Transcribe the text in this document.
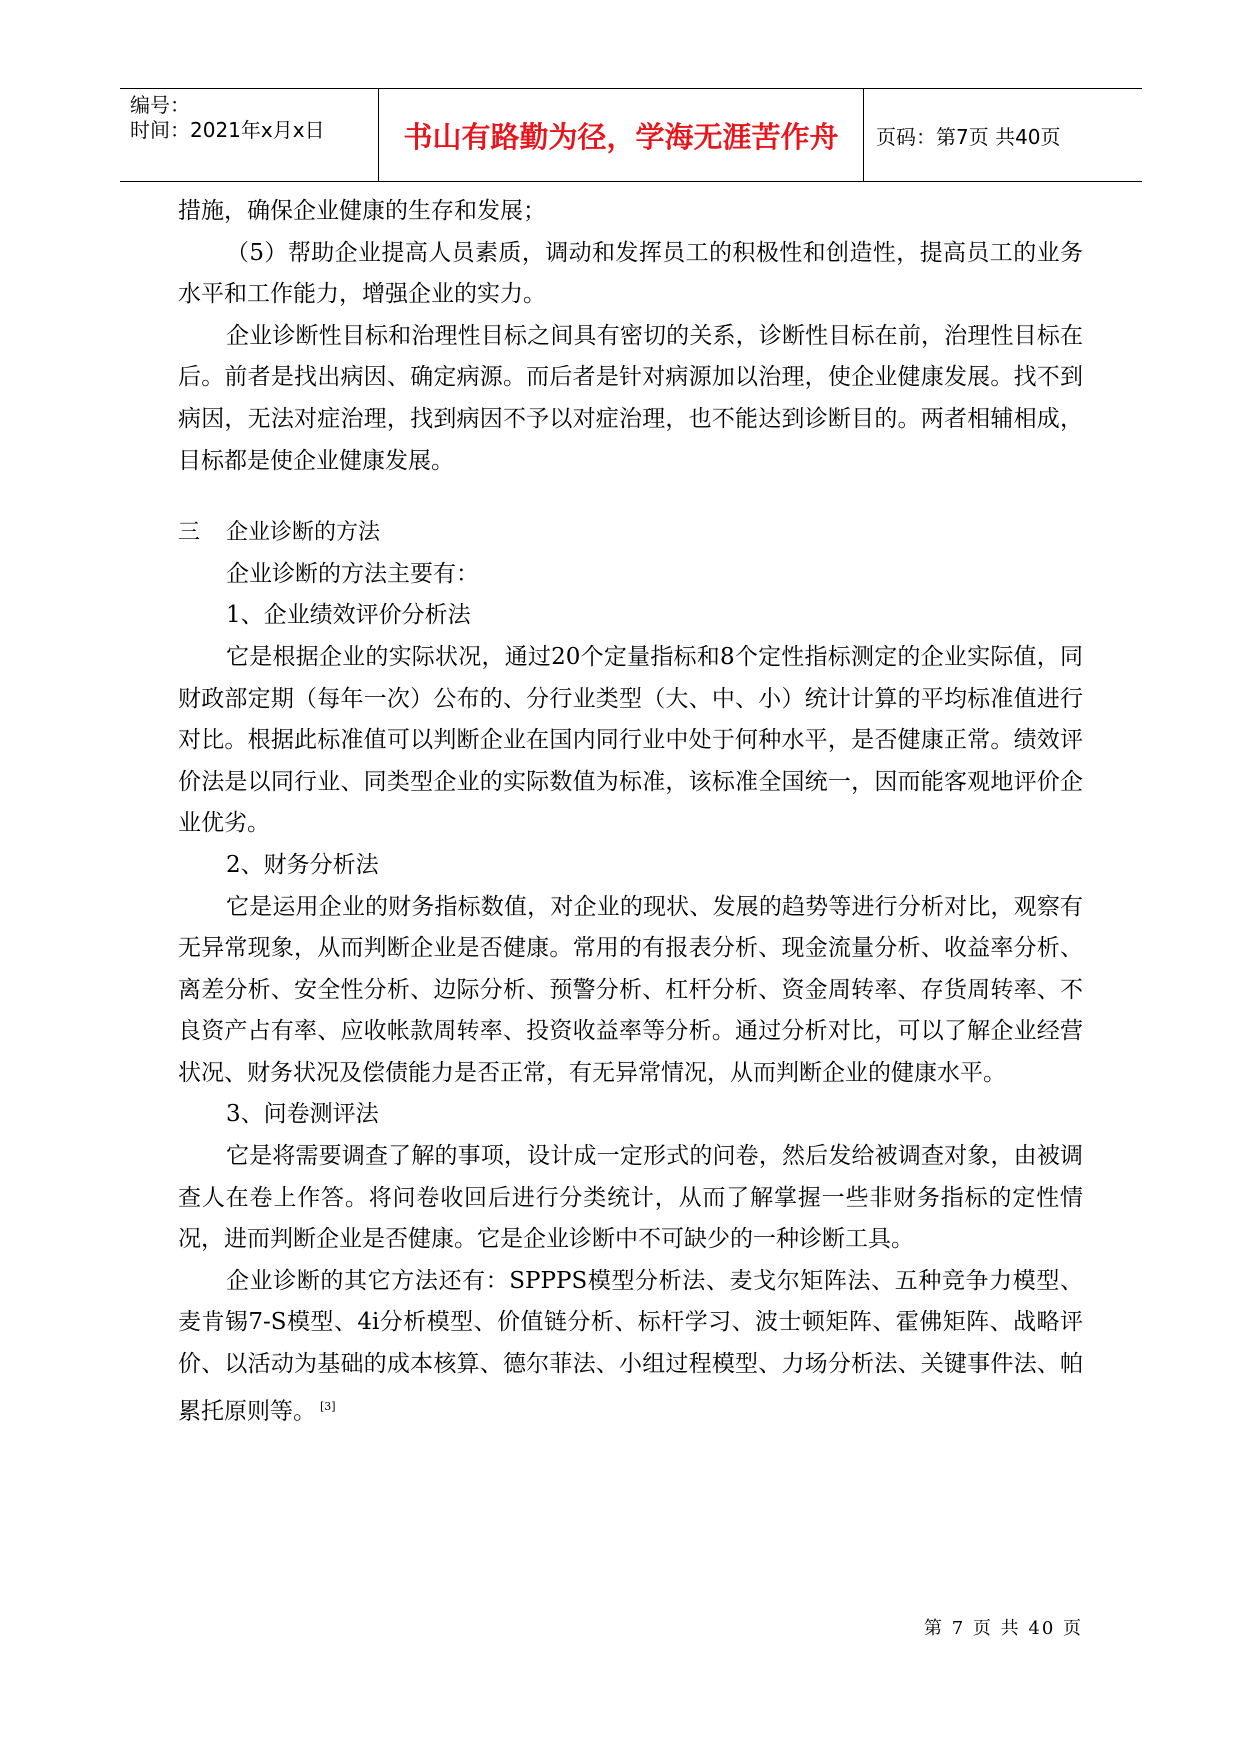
编号：
时间：2021年x月x日	书山有路勤为径，学海无涯苦作舟	页码：第7页 共40页

措施，确保企业健康的生存和发展；

（5）帮助企业提高人员素质，调动和发挥员工的积极性和创造性，提高员工的业务水平和工作能力，增强企业的实力。

企业诊断性目标和治理性目标之间具有密切的关系，诊断性目标在前，治理性目标在后。前者是找出病因、确定病源。而后者是针对病源加以治理，使企业健康发展。找不到病因，无法对症治理，找到病因不予以对症治理，也不能达到诊断目的。两者相辅相成，目标都是使企业健康发展。

三 企业诊断的方法

企业诊断的方法主要有：

1、企业绩效评价分析法

它是根据企业的实际状况，通过20个定量指标和8个定性指标测定的企业实际值，同财政部定期（每年一次）公布的、分行业类型（大、中、小）统计计算的平均标准值进行对比。根据此标准值可以判断企业在国内同行业中处于何种水平，是否健康正常。绩效评价法是以同行业、同类型企业的实际数值为标准，该标准全国统一，因而能客观地评价企业优劣。

2、财务分析法

它是运用企业的财务指标数值，对企业的现状、发展的趋势等进行分析对比，观察有无异常现象，从而判断企业是否健康。常用的有报表分析、现金流量分析、收益率分析、离差分析、安全性分析、边际分析、预警分析、杠杆分析、资金周转率、存货周转率、不良资产占有率、应收帐款周转率、投资收益率等分析。通过分析对比，可以了解企业经营状况、财务状况及偿债能力是否正常，有无异常情况，从而判断企业的健康水平。

3、问卷测评法

它是将需要调查了解的事项，设计成一定形式的问卷，然后发给被调查对象，由被调查人在卷上作答。将问卷收回后进行分类统计，从而了解掌握一些非财务指标的定性情况，进而判断企业是否健康。它是企业诊断中不可缺少的一种诊断工具。

企业诊断的其它方法还有：SPPPS模型分析法、麦戈尔矩阵法、五种竞争力模型、麦肯锡7-S模型、4i分析模型、价值链分析、标杆学习、波士顿矩阵、霍佛矩阵、战略评价、以活动为基础的成本核算、德尔菲法、小组过程模型、力场分析法、关键事件法、帕累托原则等。 [3]

第 7 页 共 40 页
